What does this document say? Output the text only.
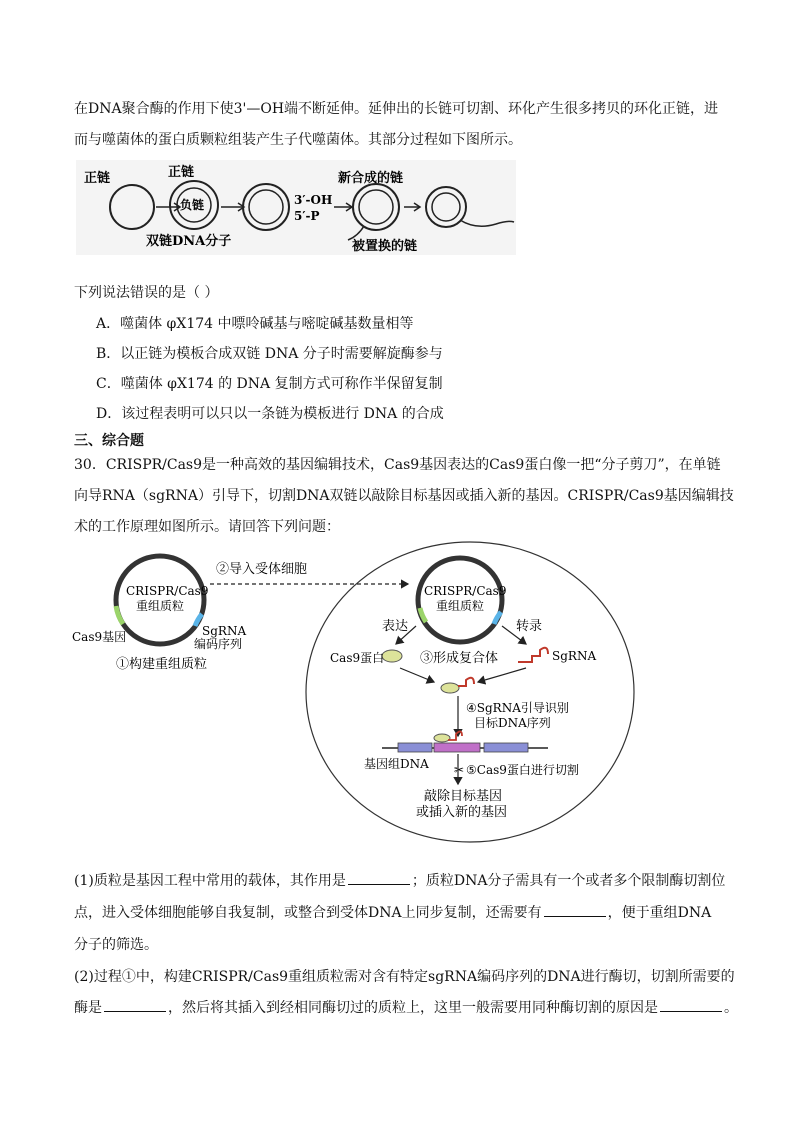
在DNA聚合酶的作用下使3'—OH端不断延伸。延伸出的长链可切割、环化产生很多拷贝的环化正链，进
而与噬菌体的蛋白质颗粒组装产生子代噬菌体。其部分过程如下图所示。
正链	正链
负链
双链DNA分子
3′-OH
5′-P
新合成的链
被置换的链
下列说法错误的是（ ）
A．噬菌体 φX174 中嘌呤碱基与嘧啶碱基数量相等
B．以正链为模板合成双链 DNA 分子时需要解旋酶参与
C．噬菌体 φX174 的 DNA 复制方式可称作半保留复制
D．该过程表明可以只以一条链为模板进行 DNA 的合成
三、综合题
30．CRISPR/Cas9是一种高效的基因编辑技术，Cas9基因表达的Cas9蛋白像一把“分子剪刀”，在单链
向导RNA（sgRNA）引导下，切割DNA双链以敲除目标基因或插入新的基因。CRISPR/Cas9基因编辑技
术的工作原理如图所示。请回答下列问题：
CRISPR/Cas9
重组质粒
Cas9基因	SgRNA
编码序列
①构建重组质粒
②导入受体细胞
CRISPR/Cas9
重组质粒
表达	转录
Cas9蛋白	③形成复合体	SgRNA
④SgRNA引导识别
目标DNA序列
基因组DNA ✂ ⑤Cas9蛋白进行切割
敲除目标基因
或插入新的基因
(1)质粒是基因工程中常用的载体，其作用是	；质粒DNA分子需具有一个或者多个限制酶切割位
点，进入受体细胞能够自我复制，或整合到受体DNA上同步复制，还需要有	，便于重组DNA
分子的筛选。
(2)过程①中，构建CRISPR/Cas9重组质粒需对含有特定sgRNA编码序列的DNA进行酶切，切割所需要的
酶是	，然后将其插入到经相同酶切过的质粒上，这里一般需要用同种酶切割的原因是	。
